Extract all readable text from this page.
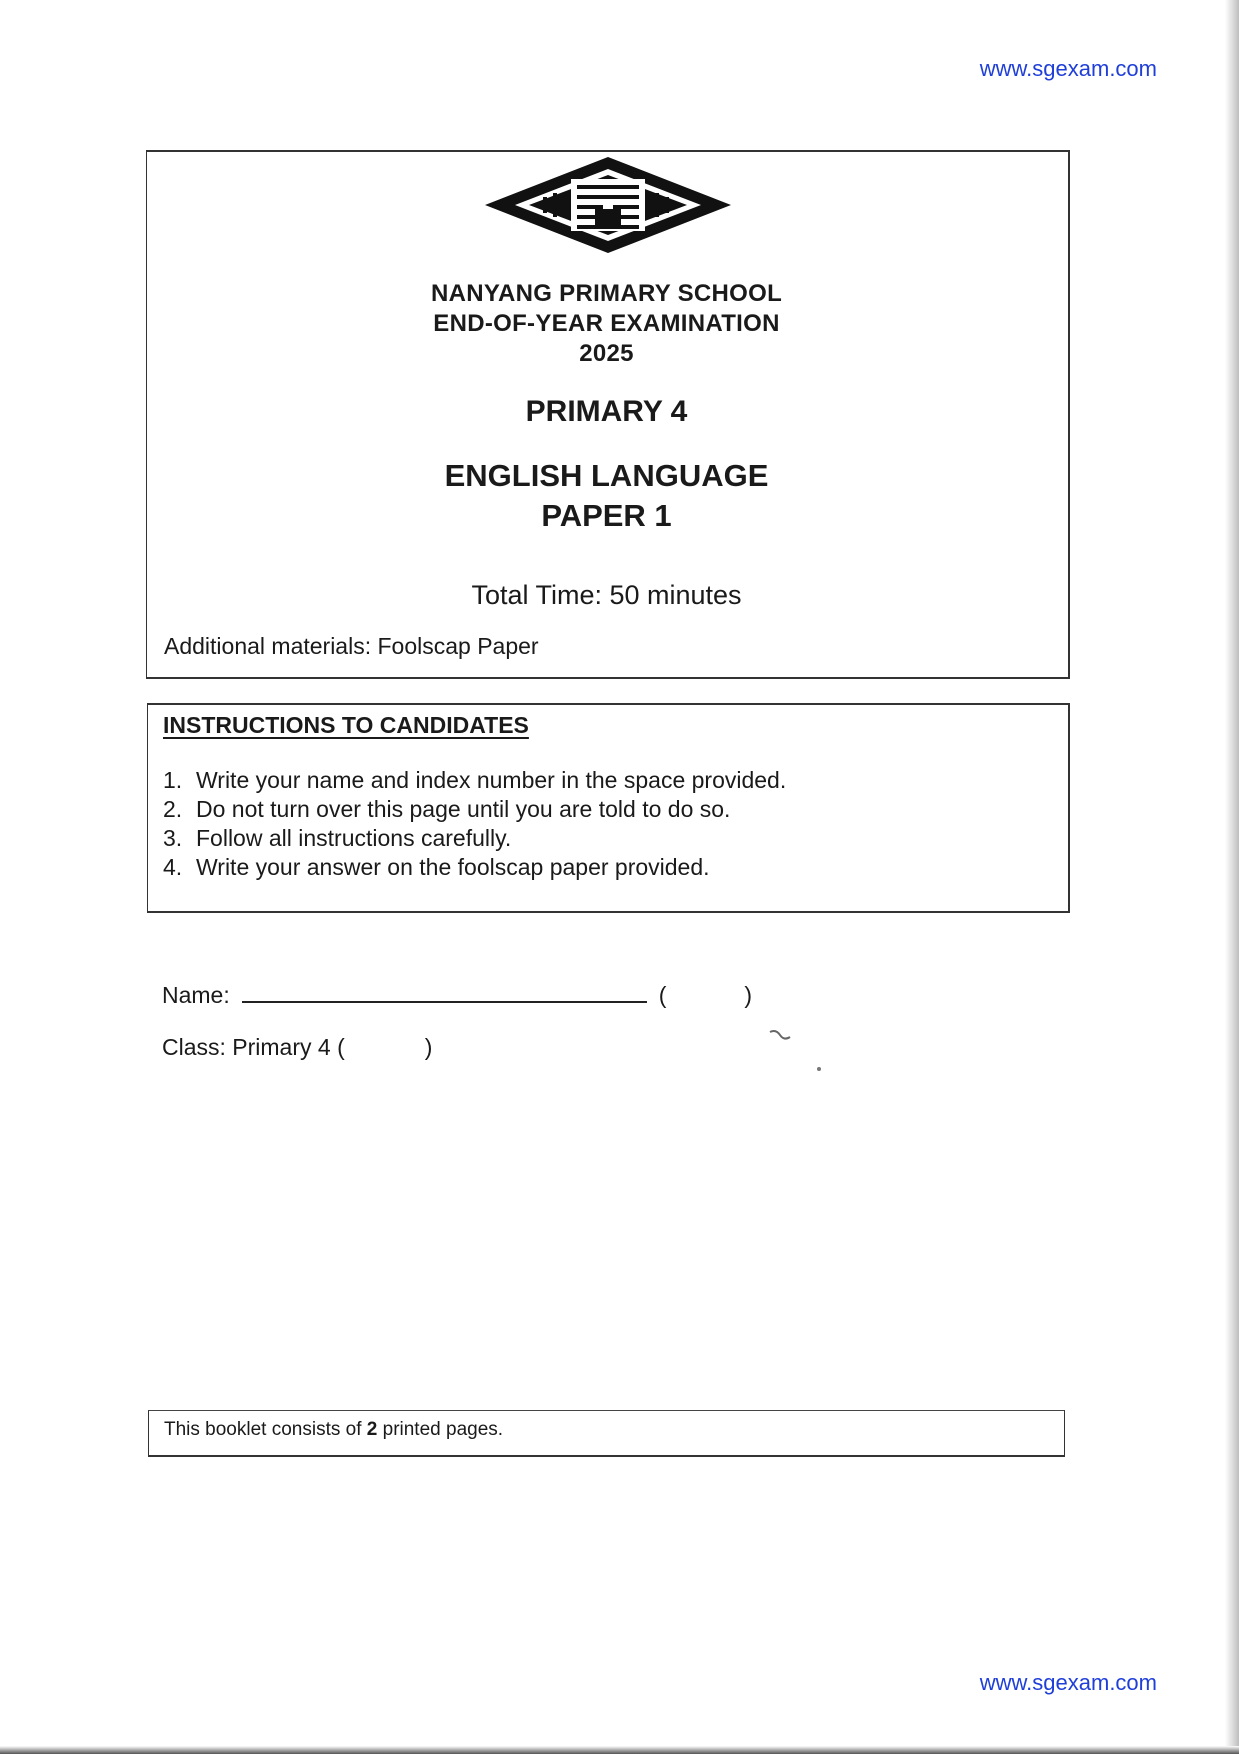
www.sgexam.com
NANYANG PRIMARY SCHOOL
END-OF-YEAR EXAMINATION
2025
PRIMARY 4
ENGLISH LANGUAGE
PAPER 1
Total Time: 50 minutes
Additional materials: Foolscap Paper
INSTRUCTIONS TO CANDIDATES
1. Write your name and index number in the space provided.
2. Do not turn over this page until you are told to do so.
3. Follow all instructions carefully.
4. Write your answer on the foolscap paper provided.
Name:	(	)
Class: Primary 4 (	)
This booklet consists of 2 printed pages.
www.sgexam.com
